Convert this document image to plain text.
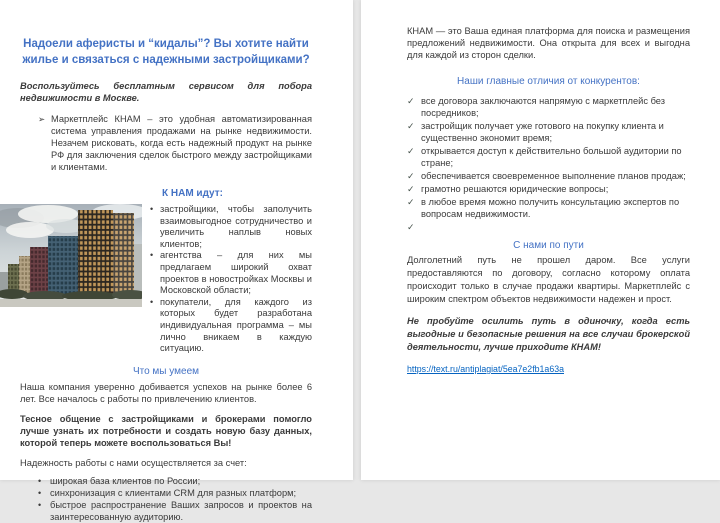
Надоели аферисты и “кидалы”? Вы хотите найти жилье и связаться с надежными застройщиками?
Воспользуйтесь бесплатным сервисом для побора недвижимости в Москве.
➢ Маркетплейс КНАМ – это удобная автоматизированная система управления продажами на рынке недвижимости. Незачем рисковать, когда есть надежный продукт на рынке РФ для заключения сделок быстрого между застройщиками и клиентами.
К НАМ идут:
• застройщики, чтобы заполучить взаимовыгодное сотрудничество и увеличить наплыв новых клиентов;
• агентства – для них мы предлагаем широкий охват проектов в новостройках Москвы и Московской области;
• покупатели, для каждого из которых будет разработана индивидуальная программа – мы лично вникаем в каждую ситуацию.
Что мы умеем
Наша компания уверенно добивается успехов на рынке более 6 лет. Все началось с работы по привлечению клиентов.
Тесное общение с застройщиками и брокерами помогло лучше узнать их потребности и создать новую базу данных, которой теперь можете воспользоваться Вы!
Надежность работы с нами осуществляется за счет:
• широкая база клиентов по России;
• синхронизация с клиентами CRM для разных платформ;
• быстрое распространение Ваших запросов и проектов на заинтересованную аудиторию.
КНАМ — это Ваша единая платформа для поиска и размещения предложений недвижимости. Она открыта для всех и выгодна для каждой из сторон сделки.
Наши главные отличия от конкурентов:
✓ все договора заключаются напрямую с маркетплейс без посредников;
✓ застройщик получает уже готового на покупку клиента и существенно экономит время;
✓ открывается доступ к действительно большой аудитории по стране;
✓ обеспечивается своевременное выполнение планов продаж;
✓ грамотно решаются юридические вопросы;
✓ в любое время можно получить консультацию экспертов по вопросам недвижимости.
✓
С нами по пути
Долголетний путь не прошел даром. Все услуги предоставляются по договору, согласно которому оплата происходит только в случае продажи квартиры. Маркетплейс с широким спектром объектов недвижимости надежен и прост.
Не пробуйте осилить путь в одиночку, когда есть выгодные и безопасные решения на все случаи брокерской деятельности, лучше приходите КНАМ!
https://text.ru/antiplagiat/5ea7e2fb1a63a
